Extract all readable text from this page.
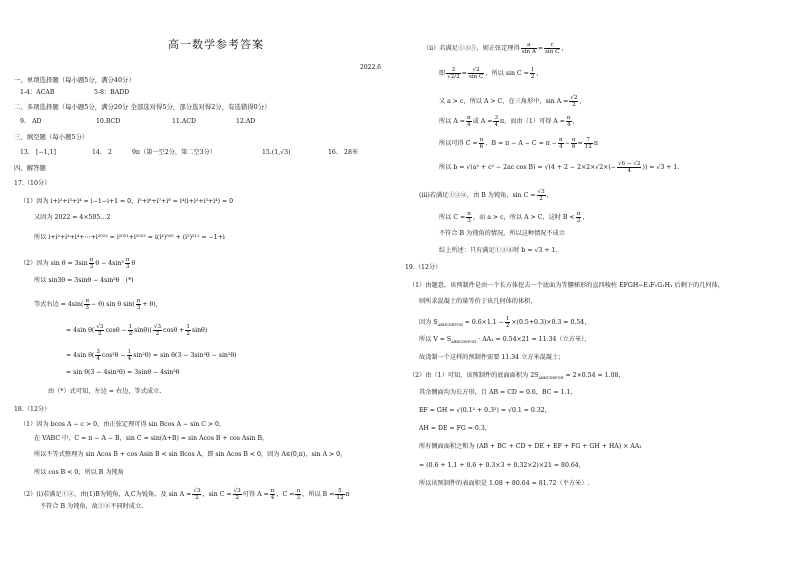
高一数学参考答案
2022.6
一、单项选择题（每小题5分，满分40分）
1-4：ACAB	5-8：BADD
二、多项选择题（每小题5分，满分20分 全部选对得5分，部分选对得2分，有选错得0分）
9.　AD	10.BCD	11.ACD	12.AD
三、填空题（每小题5分）
13.　[−1,1]	14.　2	9π（第一空2分，第二空3分）	15.(1,√3)	16.　28米
四、解答题
17.（10分）
（1）因为 i+i²+i³+i⁴ = i−1−i+1 = 0，i⁵+i⁶+i⁷+i⁸ = i⁴(i+i²+i³+i⁴) = 0
又因为 2022 = 4×505…2
所以 i+i²+i³+i⁴+⋯+i²⁰²² = i²⁰²¹+i²⁰²² = i(i⁴)⁵⁰⁵ + (i²)⁵¹¹ = −1+i
（2）因为 $\sin \theta = 3\sin \frac{\pi}{3}$ $\theta - 4\sin^3 \frac{\pi}{3}$ θ
所以 sin3θ = 3sinθ − 4sin³θ　(*)
等式右边 = $4\sin( \frac{\pi}{3} - \theta)$ sin θ $\sin( \frac{\pi}{3} + \theta)$,
= 4sin $\theta( \frac{√3}{2}$ $\cos\theta - \frac{1}{2} \sin\theta)( \frac{√3}{2}$ $\cos\theta + \frac{1}{2} \sin\theta$)
= 4sin $\theta( \frac{3}{4} \cos^2\theta - \frac{1}{4} \sin^2\theta) = \sin \theta(3 - 3\sin^2\theta - \sin^2\theta)$
= sin θ(3 − 4sin²θ) = 3sinθ − 4sin³θ
由（*）式可知，左边 = 右边，等式成立.
18.（12分）
（1）因为 bcos A − c > 0，由正弦定理可得 sin Bcos A − sin C > 0，
在 VABC 中，C = π − A − B，sin C = sin(A+B) = sin Acos B + cos Asin B，
所以不等式整理为 sin Acos B + cos Asin B < sin Bcos A，即 sin Acos B < 0，因为 A∈(0,π)，sin A > 0，
所以 cos B < 0，所以 B 为钝角
（2）(i)若满足①②，由(1)B为钝角，A,C为锐角，及 $\sin A = \frac{√3}{2}$ ，$\sin C = \frac{√3}{2}$ 可得 $A = \frac{\pi}{4}$ ，$C = \frac{\pi}{3}$ ，所以 $B = \frac{5}{12}$ π
不符合 B 为钝角，故①②不同时成立.
（ii）若满足①③⑤，则正弦定理得 $\frac{a}{\text{sin A}} = \frac{c}{\text{sin C}}$ ，
即 $\frac{2}{√2/2} = \frac{√2}{\text{sin C}}$ ，所以 $\sin C = \frac{1}{2}$ ，
又 a > c，所以 A > C，在三角形中，$\sin A = \frac{√2}{2}$ ，
所以 $A = \frac{\pi}{4}$ 或 $A = \frac{3}{4}$ π，而由（1）可得 $A = \frac{\pi}{4}$ ，
所以可得 $C = \frac{\pi}{6}$ ，$B = \pi - A - C = \pi - \frac{\pi}{4} - \frac{\pi}{6} = \frac{7}{12}$ π
所以 b = √(a² + c² − 2ac $\cos B) = √(4 + 2 - 2\times 2\times√2\times(- \frac{√6 - √2}{4}$ )) = √3 + 1.
(iii)若满足①③④，由 B 为钝角，$\sin C = \frac{√3}{2}$ ，
所以 $C = \frac{\pi}{3}$ ，而 a > c，所以 A > C，这时 $B < \frac{\pi}{3}$ ，
不符合 B 为钝角的情况，所以这种情况不成立
综上所述：只有满足①③④时 b = √3 + 1.
19.（12分）
（1）由题意，该预制件是由一个长方体挖去一个底面为等腰梯形的直四棱柱 EFGH−E₁F₁G₁H₁ 后剩下的几何体，
则所求混凝土的量等价于该几何体的体积，
因为 $S_{ABHCDEFGH} = 0.6\times 1.1 - \frac{1}{2} \times(0.5+0.3)\times 0.3 = 0.54$，
所以 $V = S_{ABHCDEFGH} \cdot AA_1 = 0.54\times 21 = 11.34$（立方米），
故浇制一个这样的预制件需要 11.34 立方米混凝土；
（2）由（1）可知，该预制件的底面面积为 $2S_{ABHCDEFGH} = 2\times 0.54 = 1.08$，
其余侧面均为长方形，且 AB = CD = 0.6，BC = 1.1，
EF = GH = √(0.1² + 0.3²) = √0.1 ≈ 0.32，
AH = DE = FG = 0.3，
所有侧面面积之和为 (AB + BC + CD + DE + EF + FG + GH + HA) × AA₁
= (0.6 + 1.1 + 0.6 + 0.3×3 + 0.32×2)×21 = 80.64，
所以该预制件的表面积是 1.08 + 80.64 = 81.72（平方米）.
